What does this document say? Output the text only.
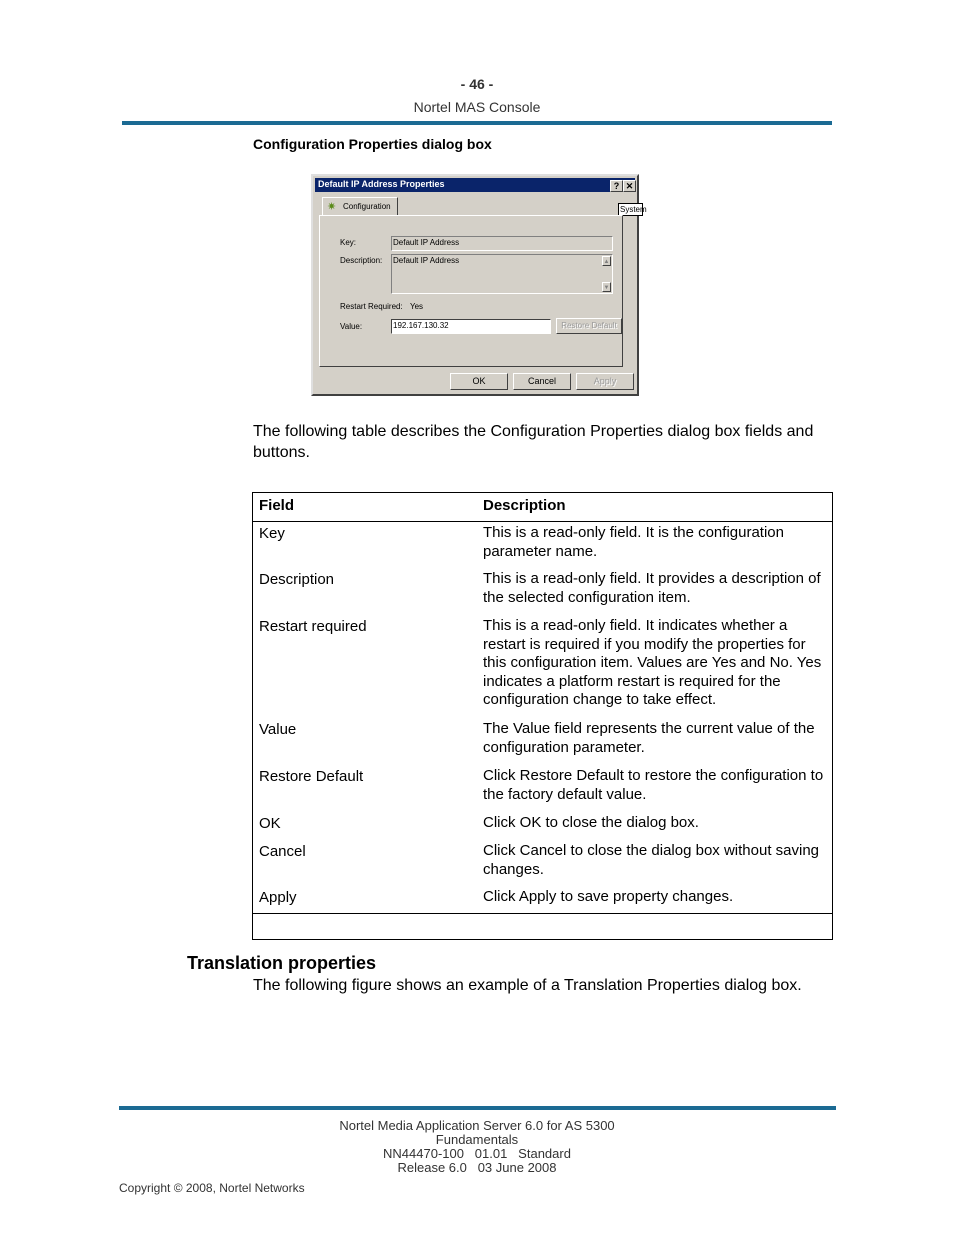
- 46 -
Nortel MAS Console
Configuration Properties dialog box
Default IP Address Properties	? ✕
✷ Configuration	System
Key:	Default IP Address
Description: Default IP Address	▲
▼
Restart Required: Yes
Value:	192.167.130.32	Restore Default
OK	Cancel	Apply
The following table describes the Configuration Properties dialog box fields and buttons.
Field	Description
Key	This is a read-only field. It is the configuration parameter name.
Description	This is a read-only field. It provides a description of the selected configuration item.
Restart required	This is a read-only field. It indicates whether a restart is required if you modify the properties for this configuration item. Values are Yes and No. Yes indicates a platform restart is required for the configuration change to take effect.
Value	The Value field represents the current value of the configuration parameter.
Restore Default	Click Restore Default to restore the configuration to the factory default value.
OK	Click OK to close the dialog box.
Cancel	Click Cancel to close the dialog box without saving changes.
Apply	Click Apply to save property changes.
Translation properties
The following figure shows an example of a Translation Properties dialog box.
Nortel Media Application Server 6.0 for AS 5300
Fundamentals
NN44470-100   01.01   Standard
Release 6.0   03 June 2008
Copyright © 2008, Nortel Networks
